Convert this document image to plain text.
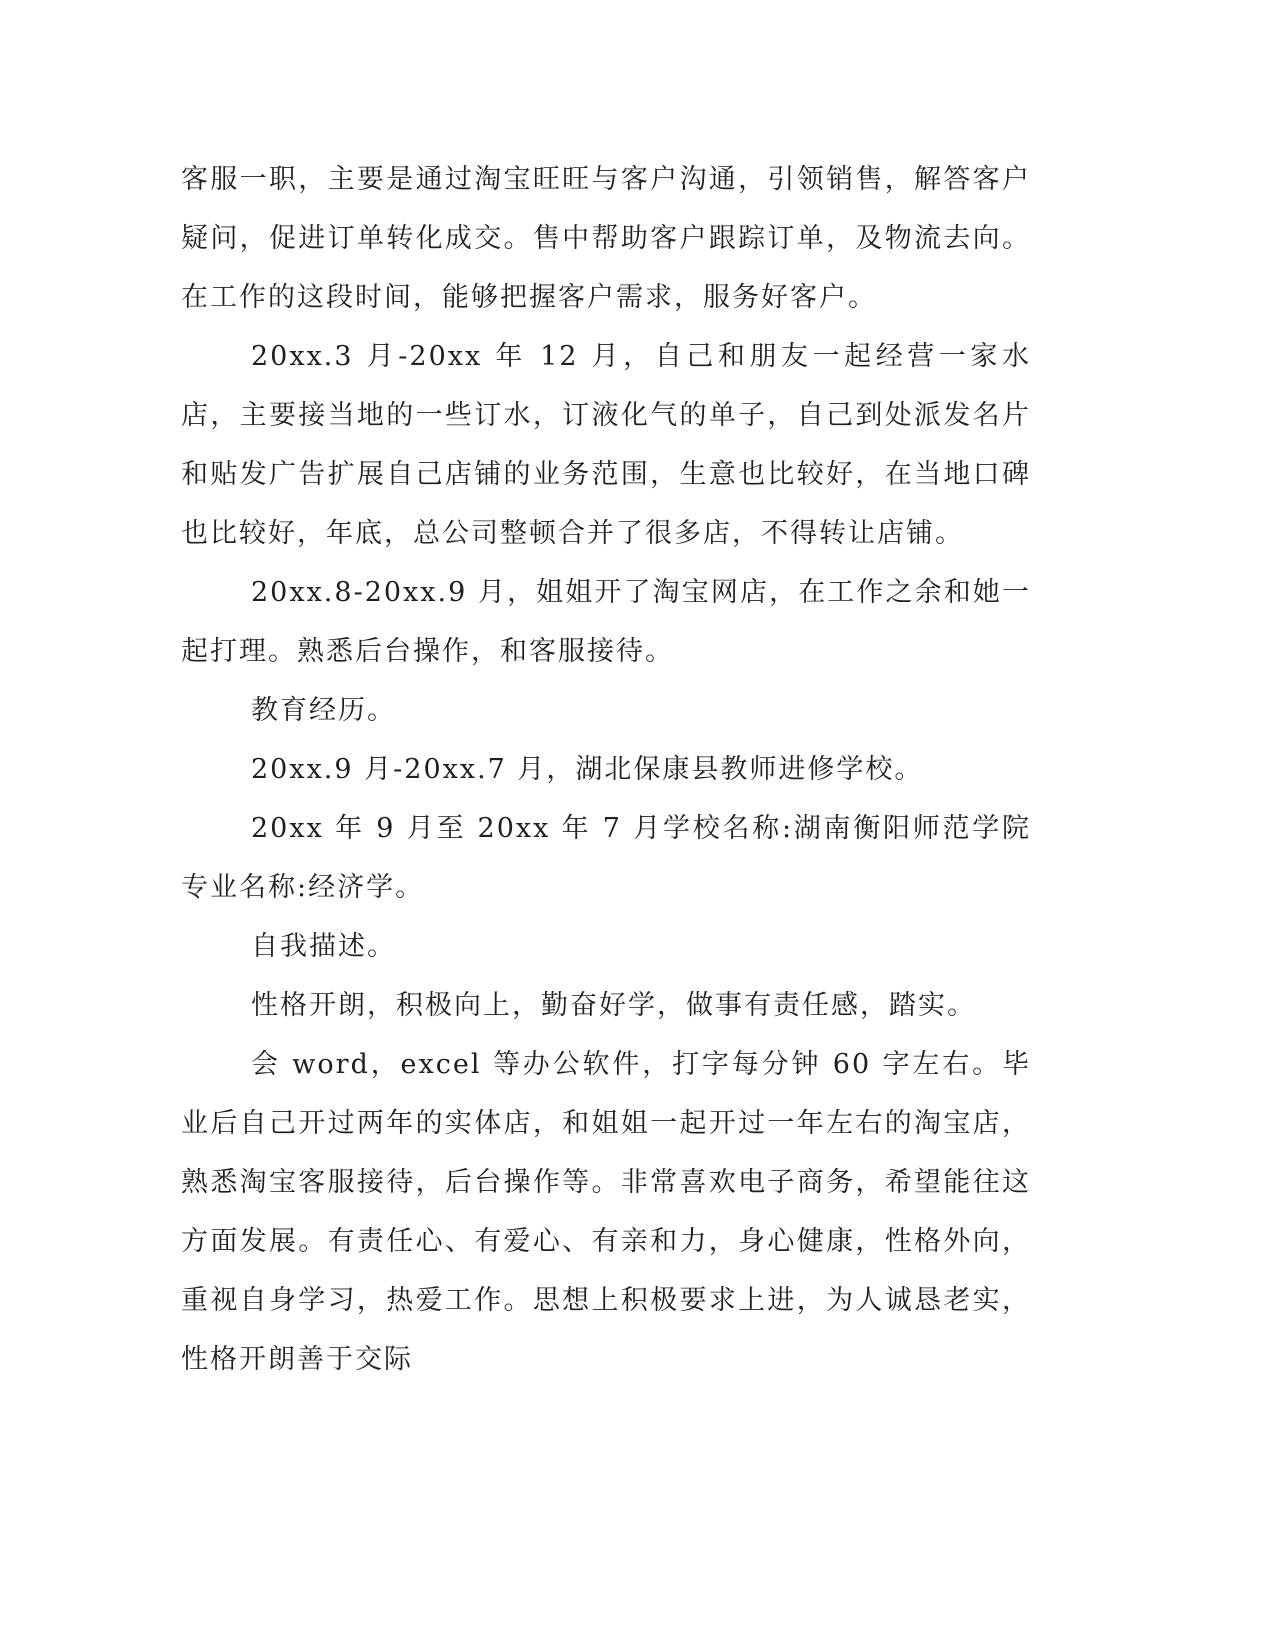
客服一职，主要是通过淘宝旺旺与客户沟通，引领销售，解答客户疑问，促进订单转化成交。售中帮助客户跟踪订单，及物流去向。在工作的这段时间，能够把握客户需求，服务好客户。

20xx.3 月-20xx 年 12 月，自己和朋友一起经营一家水店，主要接当地的一些订水，订液化气的单子，自己到处派发名片和贴发广告扩展自己店铺的业务范围，生意也比较好，在当地口碑也比较好，年底，总公司整顿合并了很多店，不得转让店铺。

20xx.8-20xx.9 月，姐姐开了淘宝网店，在工作之余和她一起打理。熟悉后台操作，和客服接待。

教育经历。

20xx.9 月-20xx.7 月，湖北保康县教师进修学校。

20xx 年 9 月至 20xx 年 7 月学校名称:湖南衡阳师范学院专业名称:经济学。

自我描述。

性格开朗，积极向上，勤奋好学，做事有责任感，踏实。

会 word，excel 等办公软件，打字每分钟 60 字左右。毕业后自己开过两年的实体店，和姐姐一起开过一年左右的淘宝店，熟悉淘宝客服接待，后台操作等。非常喜欢电子商务，希望能往这方面发展。有责任心、有爱心、有亲和力，身心健康，性格外向，重视自身学习，热爱工作。思想上积极要求上进，为人诚恳老实，性格开朗善于交际
